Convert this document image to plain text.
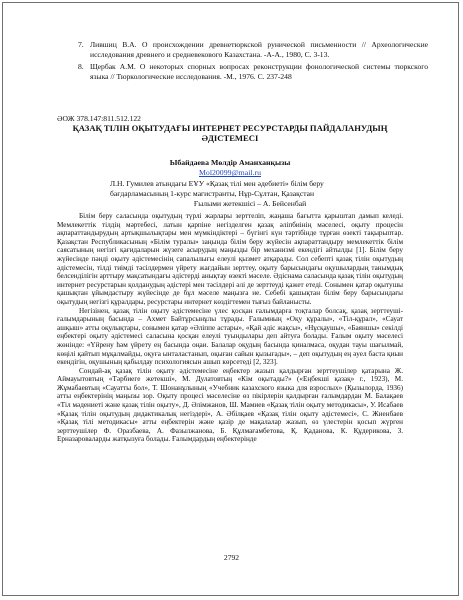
7. Лившиц В.А. О происхождении древнетюркской рунической письменности // Археологические исследования древнего и средневекового Казахстана. -А-А., 1980, С. 3-13.
8. Щербак А.М. О некоторых спорных вопросах реконструкции фонологической системы тюркского языка // Тюркологические исследования. -М., 1976. С. 237-248
ӘОЖ 378.147:811.512.122
ҚАЗАҚ ТІЛІН ОҚЫТУДАҒЫ ИНТЕРНЕТ РЕСУРСТАРДЫ ПАЙДАЛАНУДЫҢ ӘДІСТЕМЕСІ
Ыбайдаева Мөлдір Аманханқызы
Mol20099@mail.ru
Л.Н. Гумилев атындағы ЕҰУ «Қазақ тілі мен әдебиеті» білім беру бағдарламасының 1-курс магистранты, Нұр-Сұлтан, Қазақстан
Ғылыми жетекшісі – А. Бейсенбай

Білім беру саласында оқытудың түрлі жарлары зерттеліп, жаңаша бағытта қарыштап дамып келеді. Мемлекеттік тілдің мәртебесі, латын қарпіне негізделген қазақ әліпбиінің мәселесі, оқыту процесін ақпараттандырудың артықшылықтары мен мүмкіндіктері – бүгінгі күн тәртібінде тұрған өзекті тақырыптар. Қазақстан Республикасының «Білім туралы» заңында білім беру жүйесін ақпараттандыру мемлекеттік білім саясатының негізгі қағидаларын жүзеге асырудың маңызды бір механизмі екендігі айтылды [1]. Білім беру жүйесінде пәнді оқыту әдістемесінің сапалылығы елеулі қызмет атқарады. Сол себепті қазақ тілін оқытудың әдістемесін, тілді тиімді тәсілдермен үйрету жағдайын зерттеу, оқыту барысындағы оқушылардың танымдық белсенділігін арттыру мақсатындағы әдістерді анықтау өзекті мәселе. Әдіснама саласында қазақ тілін оқытудың интернет ресурстарын қолданудың әдістері мен тәсілдері әлі де зерттеуді қажет етеді. Сонымен қатар оқытушы қашықтан ұйымдастыру жүйесінде де бұл мәселе маңызға ие. Себебі қашықтан білім беру барысындағы оқытудың негізгі құралдары, ресурстары интернет көздігтемен тығыз байланысты.

Негізінен, қазақ тілін оқыту әдістемесіне үлес қосқан ғалымдарға тоқталар болсақ, қазақ зерттеуші-ғалымдарының басында – Ахмет Байтұрсынұлы тұрады. Ғалымның «Оқу құралы», «Тіл-құрал», «Сауат ашқыш» атты оқулықтары, сонымен қатар «Әліппе астары», «Қай әдіс жақсы», «Нұсқаушы», «Баяншы» секілді еңбектері оқыту әдістемесі саласына қосқан елеулі туындылары деп айтуға болады. Ғалым оқыту мәселесі жөнінде: «Үйрену һәм үйрету ең басында оңаи. Балалар оқудың басында қиналмаса, оқудан тауы шағылмай, көңілі қайтып мұқалмайды, оқуға ынталастанып, оқыған сайын қызығады», – деп оқытудың ең әуел баста қиын екендігін, оқушының қабылдау психологиясын ашып көрсетеді [2, 323].

Сондай-ақ қазақ тілін оқыту әдістемесіне еңбектер жазып қалдырған зерттеушілер қатарына Ж. Аймауытовтың «Тәрбиеге жетекші», М. Дулатовтың «Кім оқытады?» («Еңбекші қазақ» г., 1923), М. Жұмабаевтың «Сауатты бол», Т. Шонанұлының «Учебник казахского языка для взрослых» (Қызылорда, 1936) атты еңбектерінің маңызы зор. Оқыту процесі мәселесіне өз пікірлерін қалдырған ғалымдардан М. Балақаев «Тіл мәдениеті және қазақ тілін оқыту», Д. Әлімжанов, Ш. Мамиев «Қазақ тілін оқыту методикасы», У. Исабаев «Қазақ тілін оқытудың дидактикалық негіздері», А. Әбілқаев «Қазақ тілін оқыту әдістемесі», С. Жиенбаев «Қазақ тілі методикасы» атты еңбектерін және қазір де мақалалар жазып, өз үлестерін қосып жүрген зерттеушілер Ф. Оразбаева, А. Фазылжанова, Б. Құлмағамбетова, Қ. Қаданова, К. Құдерикова, З. Ерназароваларды жатқызуға болады. Ғалымдардың еңбектерінде

2792
